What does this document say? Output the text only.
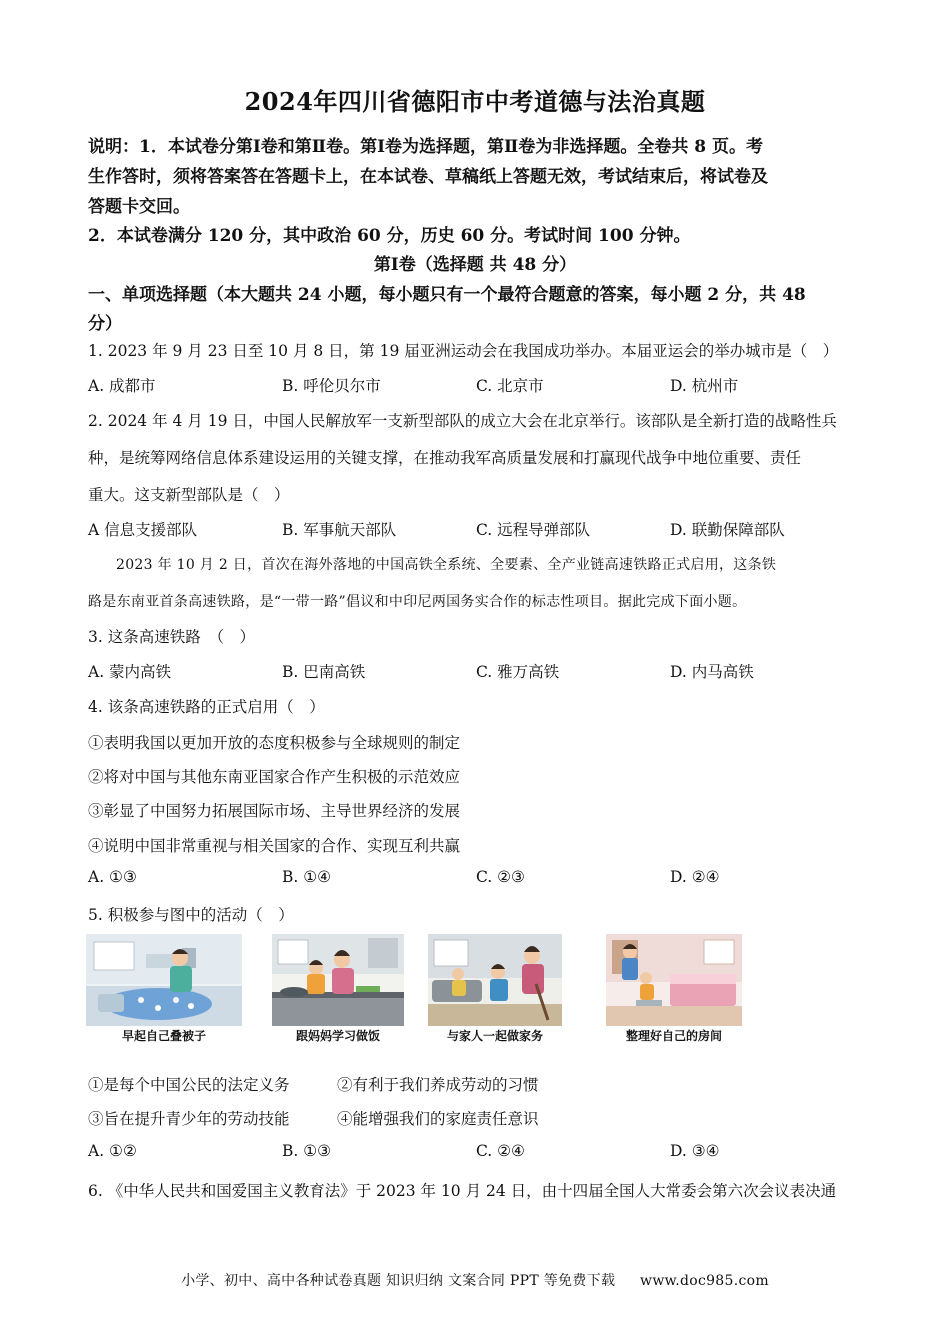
2024年四川省德阳市中考道德与法治真题
说明：1．本试卷分第Ⅰ卷和第Ⅱ卷。第Ⅰ卷为选择题，第Ⅱ卷为非选择题。全卷共 8 页。考
生作答时，须将答案答在答题卡上，在本试卷、草稿纸上答题无效，考试结束后，将试卷及
答题卡交回。
2．本试卷满分 120 分，其中政治 60 分，历史 60 分。考试时间 100 分钟。
第Ⅰ卷（选择题 共 48 分）
一、单项选择题（本大题共 24 小题，每小题只有一个最符合题意的答案，每小题 2 分，共 48
分）
1. 2023 年 9 月 23 日至 10 月 8 日，第 19 届亚洲运动会在我国成功举办。本届亚运会的举办城市是（　）
A. 成都市	B. 呼伦贝尔市	C. 北京市	D. 杭州市
2. 2024 年 4 月 19 日，中国人民解放军一支新型部队的成立大会在北京举行。该部队是全新打造的战略性兵
种，是统筹网络信息体系建设运用的关键支撑，在推动我军高质量发展和打赢现代战争中地位重要、责任
重大。这支新型部队是（　）
A 信息支援部队	B. 军事航天部队	C. 远程导弹部队	D. 联勤保障部队
2023 年 10 月 2 日，首次在海外落地的中国高铁全系统、全要素、全产业链高速铁路正式启用，这条铁
路是东南亚首条高速铁路，是“一带一路”倡议和中印尼两国务实合作的标志性项目。据此完成下面小题。
3. 这条高速铁路　（　）
A. 蒙内高铁	B. 巴南高铁	C. 雅万高铁	D. 内马高铁
4. 该条高速铁路的正式启用（　）
①表明我国以更加开放的态度积极参与全球规则的制定
②将对中国与其他东南亚国家合作产生积极的示范效应
③彰显了中国努力拓展国际市场、主导世界经济的发展
④说明中国非常重视与相关国家的合作、实现互利共赢
A. ①③	B. ①④	C. ②③	D. ②④
5. 积极参与图中的活动（　）
早起自己叠被子	跟妈妈学习做饭	与家人一起做家务	整理好自己的房间
①是每个中国公民的法定义务	②有利于我们养成劳动的习惯
③旨在提升青少年的劳动技能	④能增强我们的家庭责任意识
A. ①②	B. ①③	C. ②④	D. ③④
6. 《中华人民共和国爱国主义教育法》于 2023 年 10 月 24 日，由十四届全国人大常委会第六次会议表决通
小学、初中、高中各种试卷真题 知识归纳 文案合同 PPT 等免费下载 www.doc985.com
